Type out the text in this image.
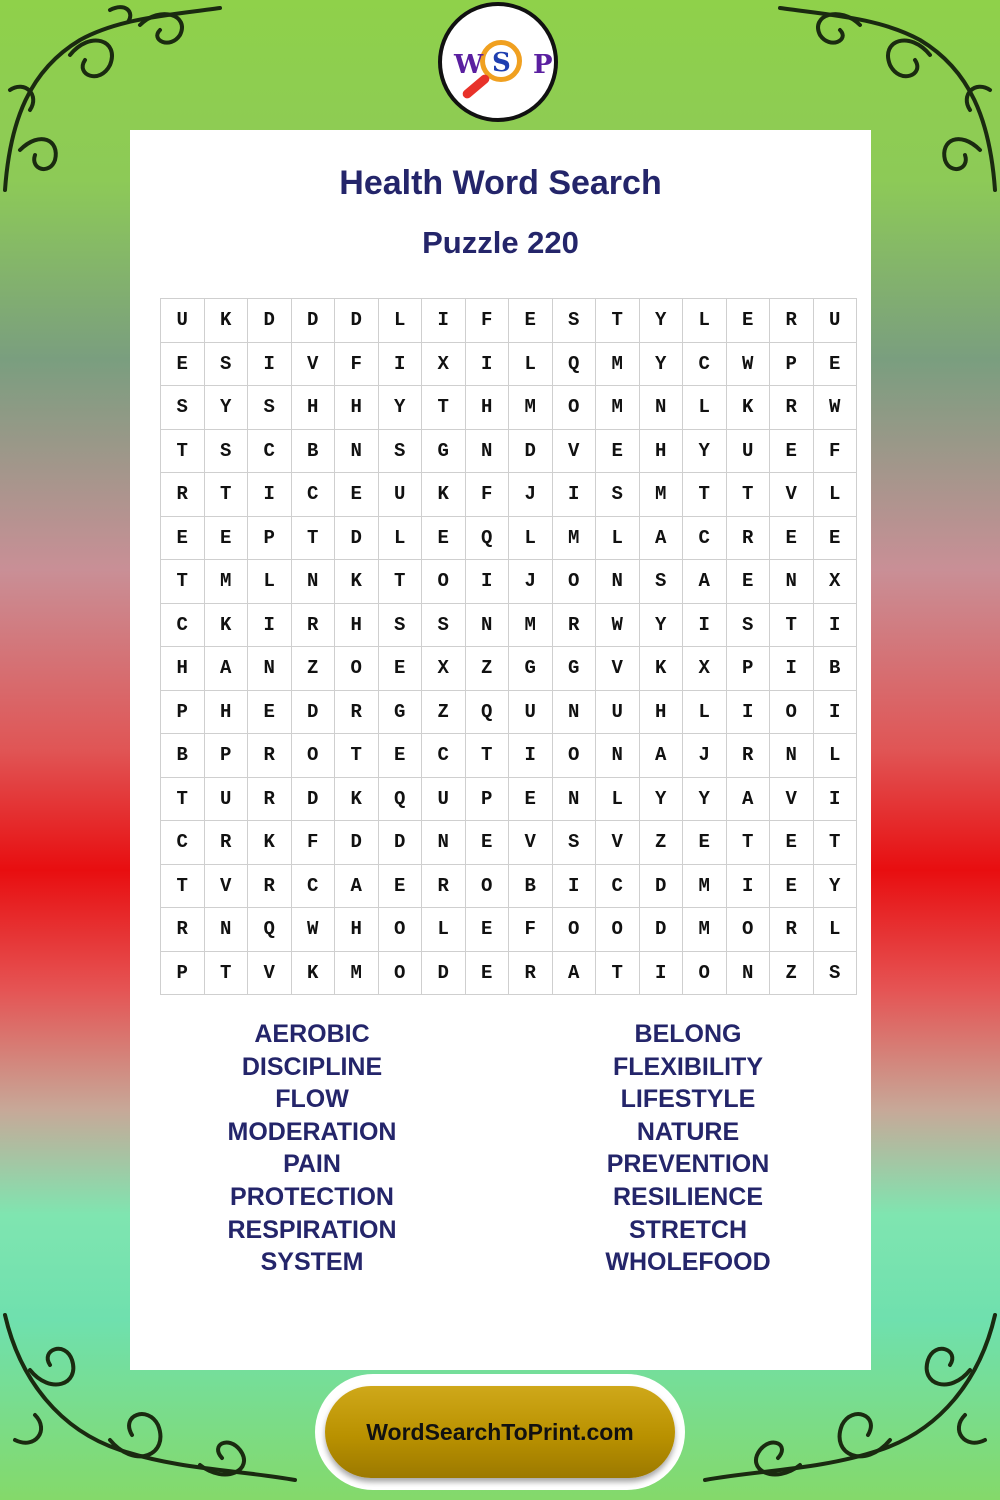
W S P
Health Word Search
Puzzle 220
U	K	D	D	D	L	I	F	E	S	T	Y	L	E	R	U
E	S	I	V	F	I	X	I	L	Q	M	Y	C	W	P	E
S	Y	S	H	H	Y	T	H	M	O	M	N	L	K	R	W
T	S	C	B	N	S	G	N	D	V	E	H	Y	U	E	F
R	T	I	C	E	U	K	F	J	I	S	M	T	T	V	L
E	E	P	T	D	L	E	Q	L	M	L	A	C	R	E	E
T	M	L	N	K	T	O	I	J	O	N	S	A	E	N	X
C	K	I	R	H	S	S	N	M	R	W	Y	I	S	T	I
H	A	N	Z	O	E	X	Z	G	G	V	K	X	P	I	B
P	H	E	D	R	G	Z	Q	U	N	U	H	L	I	O	I
B	P	R	O	T	E	C	T	I	O	N	A	J	R	N	L
T	U	R	D	K	Q	U	P	E	N	L	Y	Y	A	V	I
C	R	K	F	D	D	N	E	V	S	V	Z	E	T	E	T
T	V	R	C	A	E	R	O	B	I	C	D	M	I	E	Y
R	N	Q	W	H	O	L	E	F	O	O	D	M	O	R	L
P	T	V	K	M	O	D	E	R	A	T	I	O	N	Z	S
AEROBIC
DISCIPLINE
FLOW
MODERATION
PAIN
PROTECTION
RESPIRATION
SYSTEM
BELONG
FLEXIBILITY
LIFESTYLE
NATURE
PREVENTION
RESILIENCE
STRETCH
WHOLEFOOD
WordSearchToPrint.com
